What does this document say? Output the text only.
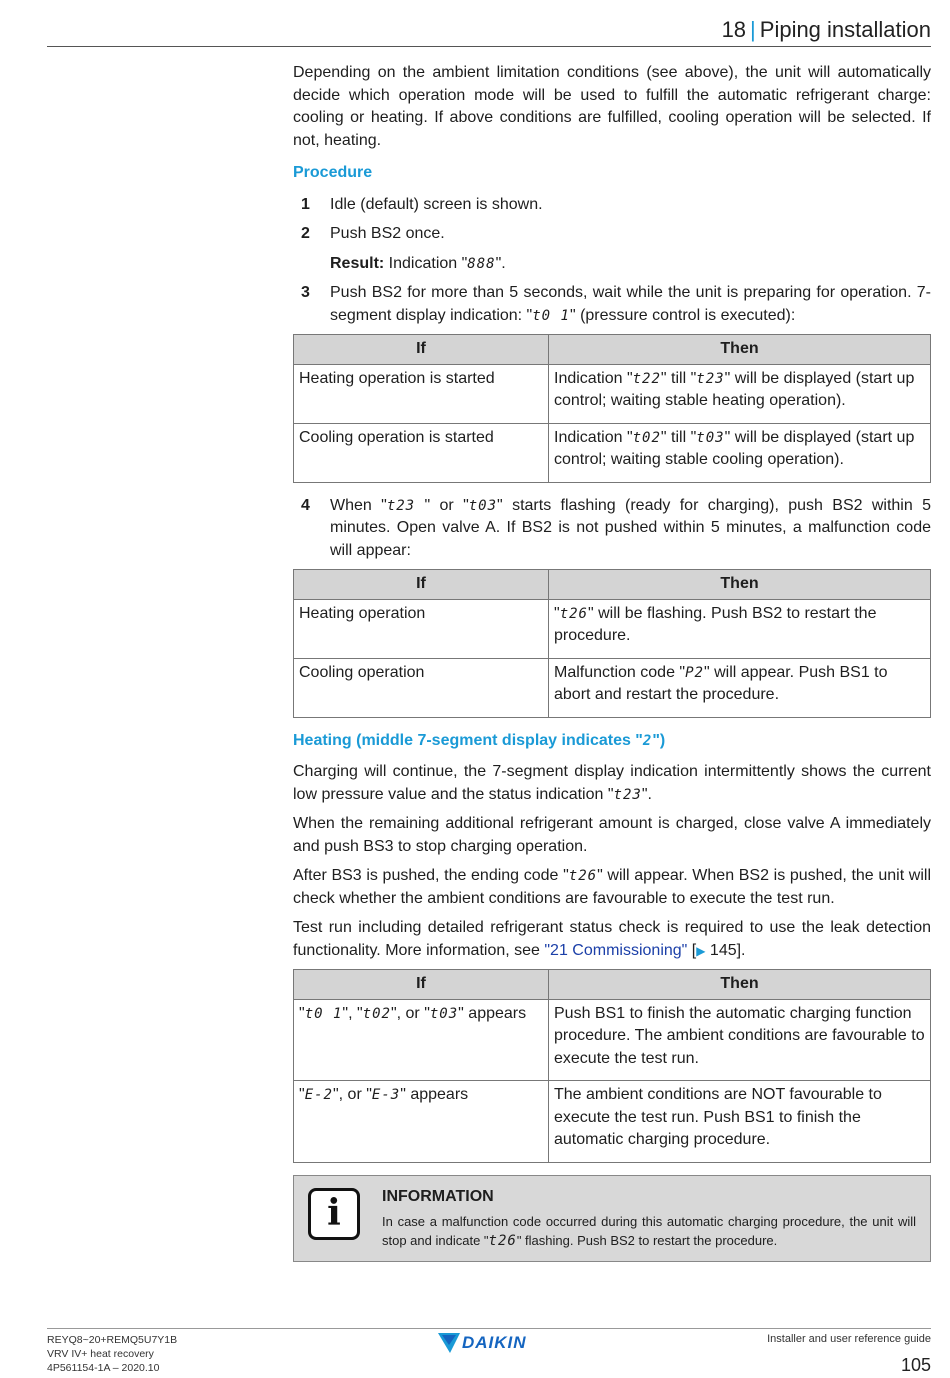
18 | Piping installation

Depending on the ambient limitation conditions (see above), the unit will automatically decide which operation mode will be used to fulfill the automatic refrigerant charge: cooling or heating. If above conditions are fulfilled, cooling operation will be selected. If not, heating.

Procedure
1	Idle (default) screen is shown.
2	Push BS2 once.
Result: Indication "888".
3	Push BS2 for more than 5 seconds, wait while the unit is preparing for operation. 7-segment display indication: "t0 1" (pressure control is executed):
If	Then
Heating operation is started	Indication "t22" till "t23" will be displayed (start up control; waiting stable heating operation).
Cooling operation is started	Indication "t02" till "t03" will be displayed (start up control; waiting stable cooling operation).
4	When "t23 " or "t03" starts flashing (ready for charging), push BS2 within 5 minutes. Open valve A. If BS2 is not pushed within 5 minutes, a malfunction code will appear:
If	Then
Heating operation	"t26" will be flashing. Push BS2 to restart the procedure.
Cooling operation	Malfunction code "P2" will appear. Push BS1 to abort and restart the procedure.
Heating (middle 7-segment display indicates "2")

Charging will continue, the 7-segment display indication intermittently shows the current low pressure value and the status indication "t23".

When the remaining additional refrigerant amount is charged, close valve A immediately and push BS3 to stop charging operation.

After BS3 is pushed, the ending code "t26" will appear. When BS2 is pushed, the unit will check whether the ambient conditions are favourable to execute the test run.

Test run including detailed refrigerant status check is required to use the leak detection functionality. More information, see "21 Commissioning" [▶ 145].

If	Then
"t0 1", "t02", or "t03" appears	Push BS1 to finish the automatic charging function procedure. The ambient conditions are favourable to execute the test run.
"E-2", or "E-3" appears	The ambient conditions are NOT favourable to execute the test run. Push BS1 to finish the automatic charging procedure.
i	INFORMATION
In case a malfunction code occurred during this automatic charging procedure, the unit will stop and indicate "t26" flashing. Push BS2 to restart the procedure.
REYQ8~20+REMQ5U7Y1B
VRV IV+ heat recovery
4P561154-1A – 2020.10
DAIKIN	Installer and user reference guide
105
